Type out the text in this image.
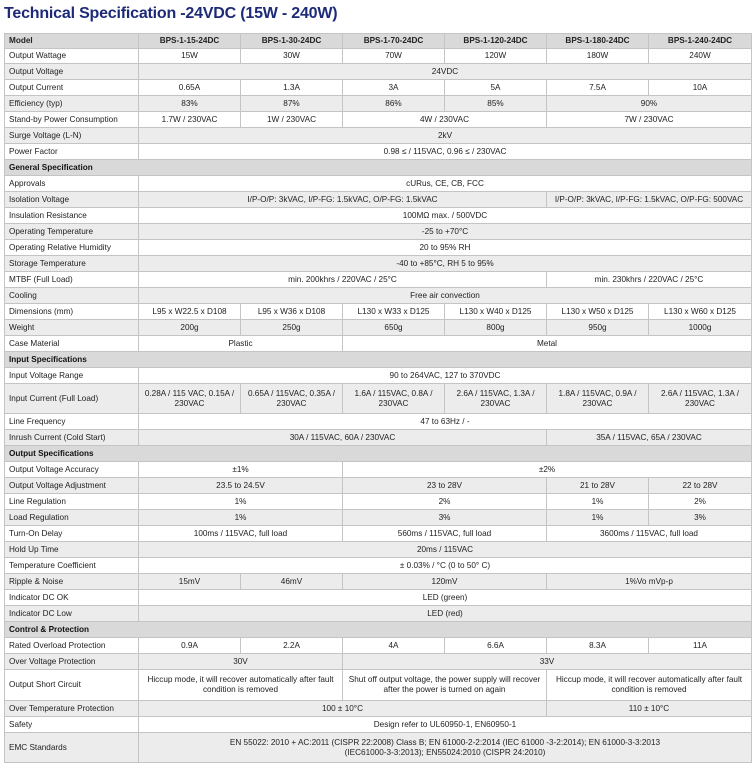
Technical Specification -24VDC (15W - 240W)
Model	BPS-1-15-24DC	BPS-1-30-24DC	BPS-1-70-24DC	BPS-1-120-24DC	BPS-1-180-24DC	BPS-1-240-24DC
Output Wattage	15W	30W	70W	120W	180W	240W
Output Voltage	24VDC					
Output Current	0.65A	1.3A	3A	5A	7.5A	10A
Efficiency (typ)	83%	87%	86%	85%	90%	
Stand-by Power Consumption	1.7W / 230VAC	1W / 230VAC	4W / 230VAC		7W / 230VAC	
Surge Voltage (L-N)	2kV					
Power Factor	0.98 ≤ / 115VAC, 0.96 ≤ / 230VAC					
General Specification						
Approvals	cURus, CE, CB, FCC					
Isolation Voltage	I/P-O/P: 3kVAC, I/P-FG: 1.5kVAC, O/P-FG: 1.5kVAC				I/P-O/P: 3kVAC, I/P-FG: 1.5kVAC, O/P-FG: 500VAC	
Insulation Resistance	100MΩ max. / 500VDC					
Operating Temperature	-25 to +70°C					
Operating Relative Humidity	20 to 95% RH					
Storage Temperature	-40 to +85°C, RH 5 to 95%					
MTBF (Full Load)	min. 200khrs / 220VAC / 25°C				min. 230khrs / 220VAC / 25°C	
Cooling	Free air convection					
Dimensions (mm)	L95 x W22.5 x D108	L95 x W36 x D108	L130 x W33 x D125	L130 x W40 x D125	L130 x W50 x D125	L130 x W60 x D125
Weight	200g	250g	650g	800g	950g	1000g
Case Material	Plastic		Metal			
Input Specifications						
Input Voltage Range	90 to 264VAC, 127 to 370VDC					
Input Current (Full Load)	0.28A / 115 VAC, 0.15A / 230VAC	0.65A / 115VAC, 0.35A / 230VAC	1.6A / 115VAC, 0.8A / 230VAC	2.6A / 115VAC, 1.3A / 230VAC	1.8A / 115VAC, 0.9A / 230VAC	2.6A / 115VAC, 1.3A / 230VAC
Line Frequency	47 to 63Hz / -					
Inrush Current (Cold Start)	30A / 115VAC, 60A / 230VAC				35A / 115VAC, 65A / 230VAC	
Output Specifications						
Output Voltage Accuracy	±1%		±2%			
Output Voltage Adjustment	23.5 to 24.5V		23 to 28V		21 to 28V	22 to 28V
Line Regulation	1%		2%		1%	2%
Load Regulation	1%		3%		1%	3%
Turn-On Delay	100ms / 115VAC, full load		560ms / 115VAC, full load		3600ms / 115VAC, full load	
Hold Up Time	20ms / 115VAC					
Temperature Coefficient	± 0.03% / °C (0 to 50° C)					
Ripple & Noise	15mV	46mV	120mV		1%Vo mVp-p	
Indicator DC OK	LED (green)					
Indicator DC Low	LED (red)					
Control & Protection						
Rated Overload Protection	0.9A	2.2A	4A	6.6A	8.3A	11A
Over Voltage Protection	30V		33V			
Output Short Circuit	Hiccup mode, it will recover automatically after fault condition is removed		Shut off output voltage, the power supply will recover after the power is turned on again		Hiccup mode, it will recover automatically after fault condition is removed	
Over Temperature Protection	100 ± 10°C				110 ± 10°C	
Safety	Design refer to UL60950-1, EN60950-1					
EMC Standards	EN 55022: 2010 + AC:2011 (CISPR 22:2008) Class B; EN 61000-2-2:2014 (IEC 61000 -3-2:2014); EN 61000-3-3:2013 (IEC61000-3-3:2013); EN55024:2010 (CISPR 24:2010)					
